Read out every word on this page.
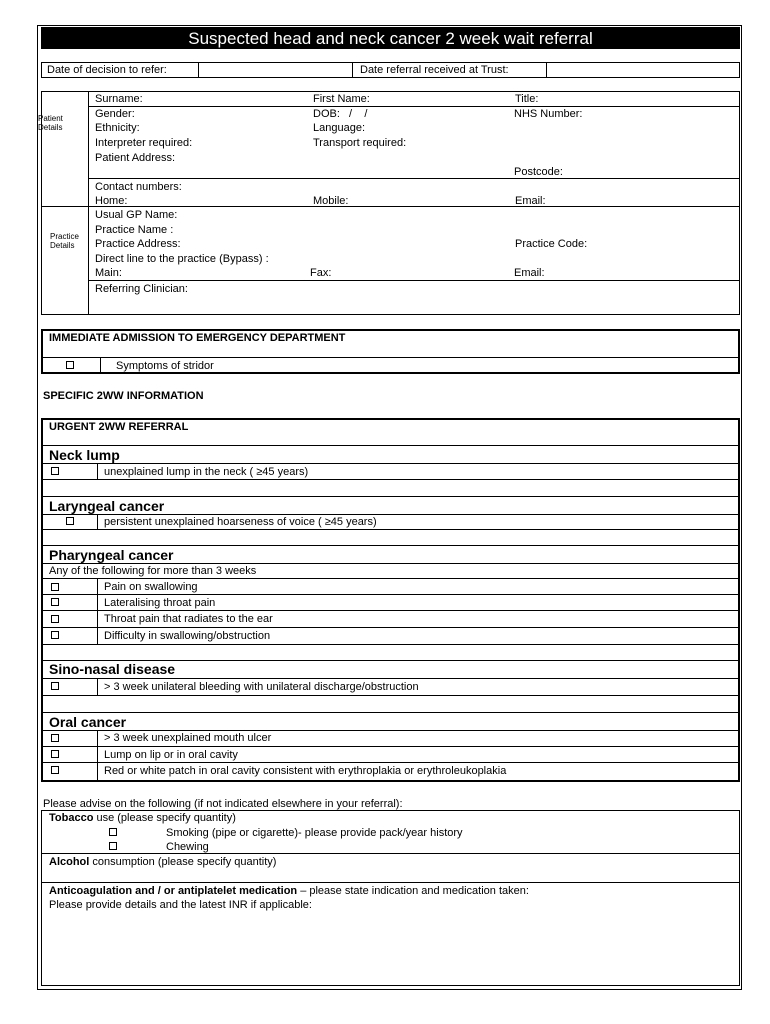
Suspected head and neck cancer 2 week wait referral
Date of decision to refer:	Date referral received at Trust:
Patient Details
Surname:	First Name:	Title:
Gender:	DOB:   /    /	NHS Number:
Ethnicity:	Language:
Interpreter required:	Transport required:
Patient Address:
Postcode:
Contact numbers:
Home:	Mobile:	Email:
Practice Details
Usual GP Name:
Practice Name :
Practice Address:	Practice Code:
Direct line to the practice (Bypass) :
Main:	Fax:	Email:
Referring Clinician:
IMMEDIATE ADMISSION TO EMERGENCY DEPARTMENT
Symptoms of stridor
SPECIFIC 2WW INFORMATION
URGENT 2WW REFERRAL
Neck lump
unexplained lump in the neck ( ≥45 years)
Laryngeal cancer
persistent unexplained hoarseness of voice ( ≥45 years)
Pharyngeal cancer
Any of the following for more than 3 weeks
Pain on swallowing
Lateralising throat pain
Throat pain that radiates to the ear
Difficulty in swallowing/obstruction
Sino-nasal disease
> 3 week unilateral bleeding with unilateral discharge/obstruction
Oral cancer
> 3 week unexplained mouth ulcer
Lump on lip or in oral cavity
Red or white patch in oral cavity consistent with erythroplakia or erythroleukoplakia
Please advise on the following (if not indicated elsewhere in your referral):
Tobacco use (please specify quantity)
Smoking (pipe or cigarette)- please provide pack/year history
Chewing
Alcohol consumption (please specify quantity)
Anticoagulation and / or antiplatelet medication – please state indication and medication taken:
Please provide details and the latest INR if applicable:
